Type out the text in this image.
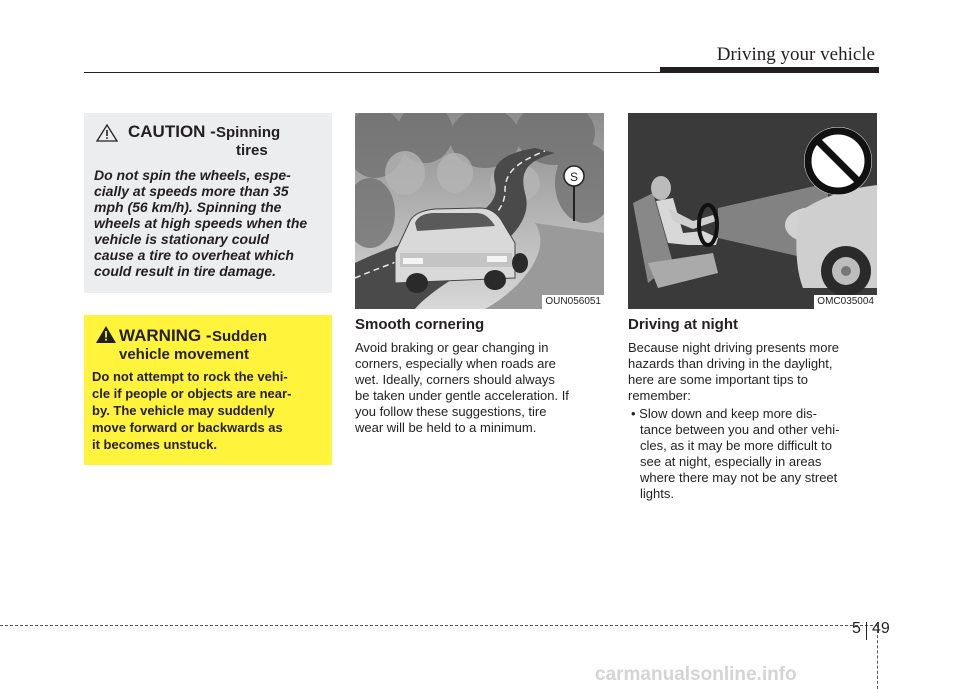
Driving your vehicle
CAUTION - Spinning
tires
Do not spin the wheels, espe-
cially at speeds more than 35
mph (56 km/h). Spinning the
wheels at high speeds when the
vehicle is stationary could
cause a tire to overheat which
could result in tire damage.
WARNING - Sudden
vehicle movement
Do not attempt to rock the vehi-
cle if people or objects are near-
by. The vehicle may suddenly
move forward or backwards as
it becomes unstuck.
S
OUN056051	OMC035004
Smooth cornering
Avoid braking or gear changing in
corners, especially when roads are
wet. Ideally, corners should always
be taken under gentle acceleration. If
you follow these suggestions, tire
wear will be held to a minimum.
Driving at night
Because night driving presents more
hazards than driving in the daylight,
here are some important tips to
remember:
• Slow down and keep more dis-
tance between you and other vehi-
cles, as it may be more difficult to
see at night, especially in areas
where there may not be any street
lights.
5 49
carmanualsonline.info
